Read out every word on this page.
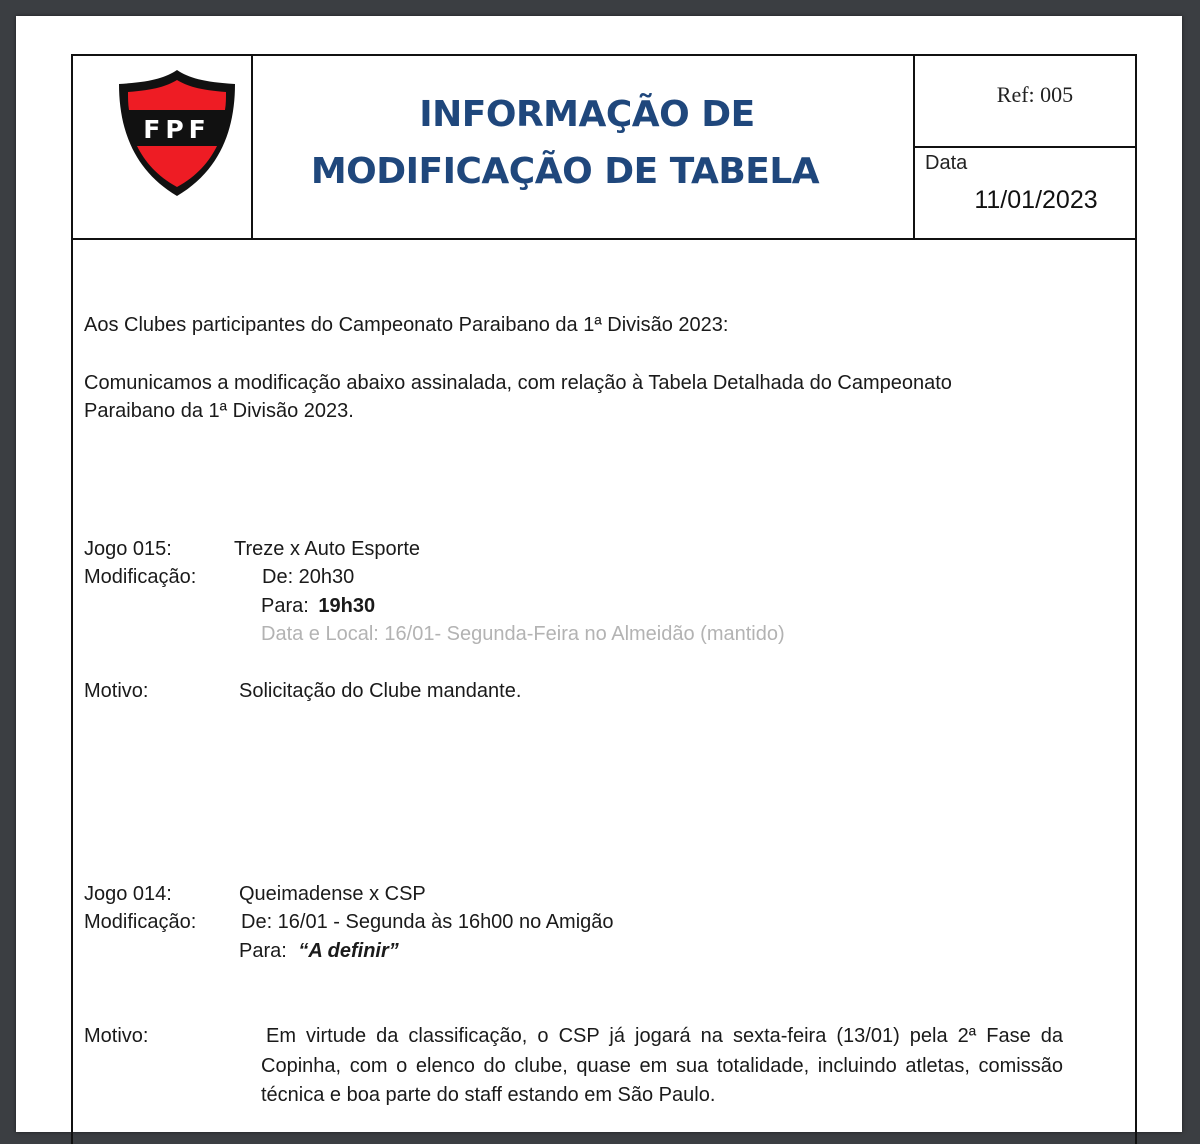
FPF	INFORMAÇÃO DE
MODIFICAÇÃO DE TABELA
Ref: 005
Data
11/01/2023
Aos Clubes participantes do Campeonato Paraibano da 1ª Divisão 2023:
Comunicamos a modificação abaixo assinalada, com relação à Tabela Detalhada do Campeonato
Paraibano da 1ª Divisão 2023.
Jogo 015:	Treze x Auto Esporte
Modificação:	De: 20h30
Para: 19h30
Data e Local: 16/01- Segunda-Feira no Almeidão (mantido)
Motivo:	Solicitação do Clube mandante.
Jogo 014:	Queimadense x CSP
Modificação: De: 16/01 - Segunda às 16h00 no Amigão
Para: “A definir”
Motivo:	Em virtude da classificação, o CSP já jogará na sexta-feira (13/01) pela 2ª Fase da Copinha, com o elenco do clube, quase em sua totalidade, incluindo atletas, comissão técnica e boa parte do staff estando em São Paulo.
